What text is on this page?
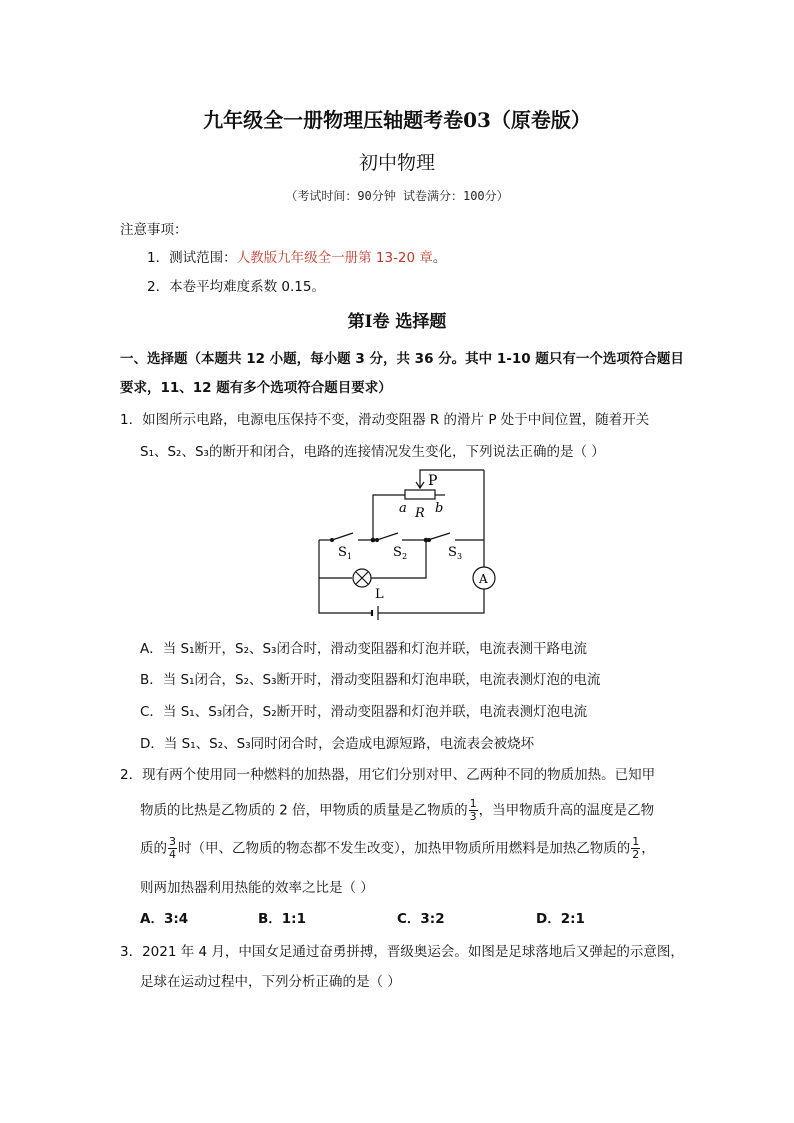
九年级全一册物理压轴题考卷03（原卷版）
初中物理
（考试时间：90分钟 试卷满分：100分）
注意事项：
1．测试范围：人教版九年级全一册第 13-20 章。
2．本卷平均难度系数 0.15。
第Ⅰ卷 选择题
一、选择题（本题共 12 小题，每小题 3 分，共 36 分。其中 1-10 题只有一个选项符合题目
要求，11、12 题有多个选项符合题目要求）
1．如图所示电路，电源电压保持不变，滑动变阻器 R 的滑片 P 处于中间位置，随着开关
S₁、S₂、S₃的断开和闭合，电路的连接情况发生变化，下列说法正确的是（ ）
P
a R b
S 1	S 2	S 3
A
L
A．当 S₁断开，S₂、S₃闭合时，滑动变阻器和灯泡并联，电流表测干路电流
B．当 S₁闭合，S₂、S₃断开时，滑动变阻器和灯泡串联，电流表测灯泡的电流
C．当 S₁、S₃闭合，S₂断开时，滑动变阻器和灯泡并联，电流表测灯泡电流
D．当 S₁、S₂、S₃同时闭合时，会造成电源短路，电流表会被烧坏
2．现有两个使用同一种燃料的加热器，用它们分别对甲、乙两种不同的物质加热。已知甲
物质的比热是乙物质的 2 倍，甲物质的质量是乙物质的 $\frac{1}{3}$ ，当甲物质升高的温度是乙物
质的 $\frac{3}{4}$ 时（甲、乙物质的物态都不发生改变），加热甲物质所用燃料是加热乙物质的 $\frac{1}{2}$ ，
则两加热器利用热能的效率之比是（ ）
A．3:4	B．1:1	C．3:2	D．2:1
3．2021 年 4 月，中国女足通过奋勇拼搏，晋级奥运会。如图是足球落地后又弹起的示意图，
足球在运动过程中，下列分析正确的是（ ）
